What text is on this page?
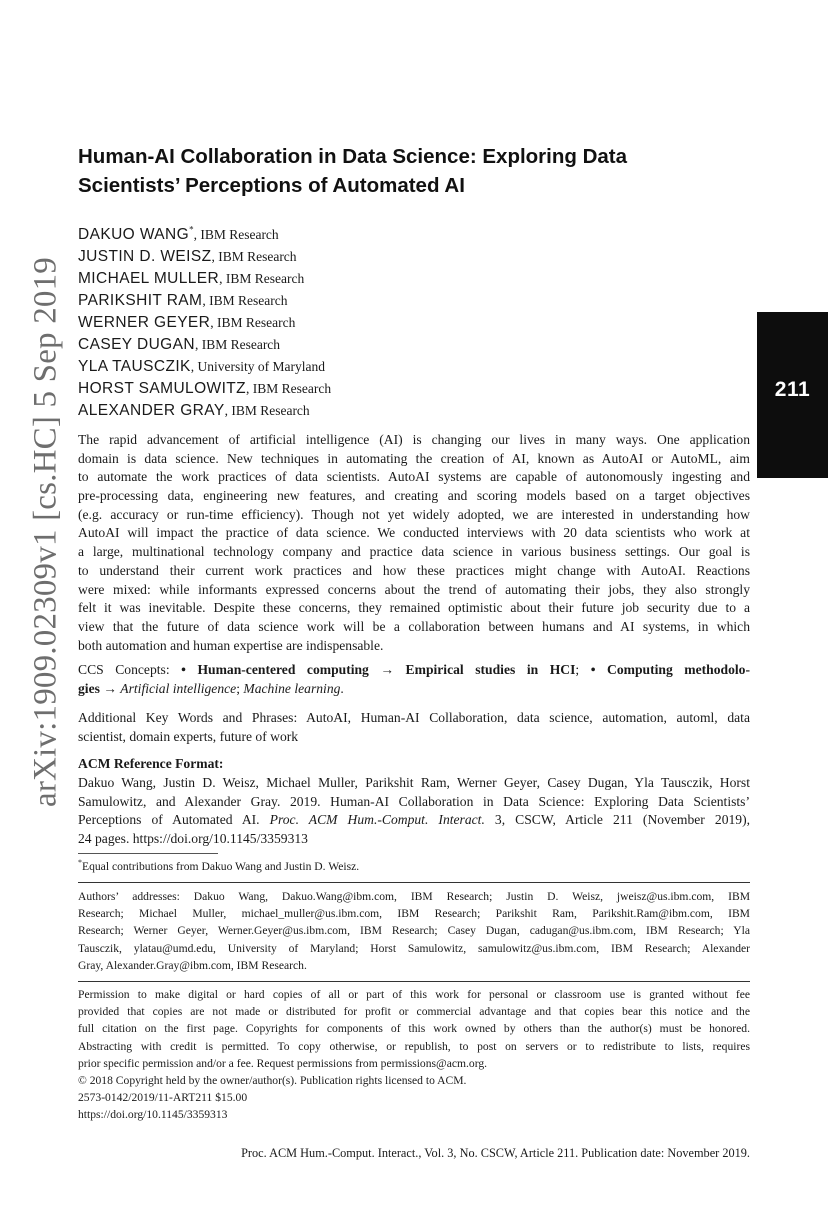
arXiv:1909.02309v1 [cs.HC] 5 Sep 2019	211
Human-AI Collaboration in Data Science: Exploring Data
Scientists’ Perceptions of Automated AI
DAKUO WANG*, IBM Research
JUSTIN D. WEISZ, IBM Research
MICHAEL MULLER, IBM Research
PARIKSHIT RAM, IBM Research
WERNER GEYER, IBM Research
CASEY DUGAN, IBM Research
YLA TAUSCZIK, University of Maryland
HORST SAMULOWITZ, IBM Research
ALEXANDER GRAY, IBM Research
The rapid advancement of artificial intelligence (AI) is changing our lives in many ways. One application
domain is data science. New techniques in automating the creation of AI, known as AutoAI or AutoML, aim
to automate the work practices of data scientists. AutoAI systems are capable of autonomously ingesting and
pre-processing data, engineering new features, and creating and scoring models based on a target objectives
(e.g. accuracy or run-time efficiency). Though not yet widely adopted, we are interested in understanding how
AutoAI will impact the practice of data science. We conducted interviews with 20 data scientists who work at
a large, multinational technology company and practice data science in various business settings. Our goal is
to understand their current work practices and how these practices might change with AutoAI. Reactions
were mixed: while informants expressed concerns about the trend of automating their jobs, they also strongly
felt it was inevitable. Despite these concerns, they remained optimistic about their future job security due to a
view that the future of data science work will be a collaboration between humans and AI systems, in which
both automation and human expertise are indispensable.
CCS Concepts: • Human-centered computing → Empirical studies in HCI; • Computing methodolo-
gies → Artificial intelligence; Machine learning.
Additional Key Words and Phrases: AutoAI, Human-AI Collaboration, data science, automation, automl, data
scientist, domain experts, future of work
ACM Reference Format:
Dakuo Wang, Justin D. Weisz, Michael Muller, Parikshit Ram, Werner Geyer, Casey Dugan, Yla Tausczik, Horst
Samulowitz, and Alexander Gray. 2019. Human-AI Collaboration in Data Science: Exploring Data Scientists’
Perceptions of Automated AI. Proc. ACM Hum.-Comput. Interact. 3, CSCW, Article 211 (November 2019),
24 pages. https://doi.org/10.1145/3359313
*Equal contributions from Dakuo Wang and Justin D. Weisz.
Authors’ addresses: Dakuo Wang, Dakuo.Wang@ibm.com, IBM Research; Justin D. Weisz, jweisz@us.ibm.com, IBM
Research; Michael Muller, michael_muller@us.ibm.com, IBM Research; Parikshit Ram, Parikshit.Ram@ibm.com, IBM
Research; Werner Geyer, Werner.Geyer@us.ibm.com, IBM Research; Casey Dugan, cadugan@us.ibm.com, IBM Research; Yla
Tausczik, ylatau@umd.edu, University of Maryland; Horst Samulowitz, samulowitz@us.ibm.com, IBM Research; Alexander
Gray, Alexander.Gray@ibm.com, IBM Research.
Permission to make digital or hard copies of all or part of this work for personal or classroom use is granted without fee
provided that copies are not made or distributed for profit or commercial advantage and that copies bear this notice and the
full citation on the first page. Copyrights for components of this work owned by others than the author(s) must be honored.
Abstracting with credit is permitted. To copy otherwise, or republish, to post on servers or to redistribute to lists, requires
prior specific permission and/or a fee. Request permissions from permissions@acm.org.
© 2018 Copyright held by the owner/author(s). Publication rights licensed to ACM.
2573-0142/2019/11-ART211 $15.00
https://doi.org/10.1145/3359313
Proc. ACM Hum.-Comput. Interact., Vol. 3, No. CSCW, Article 211. Publication date: November 2019.
